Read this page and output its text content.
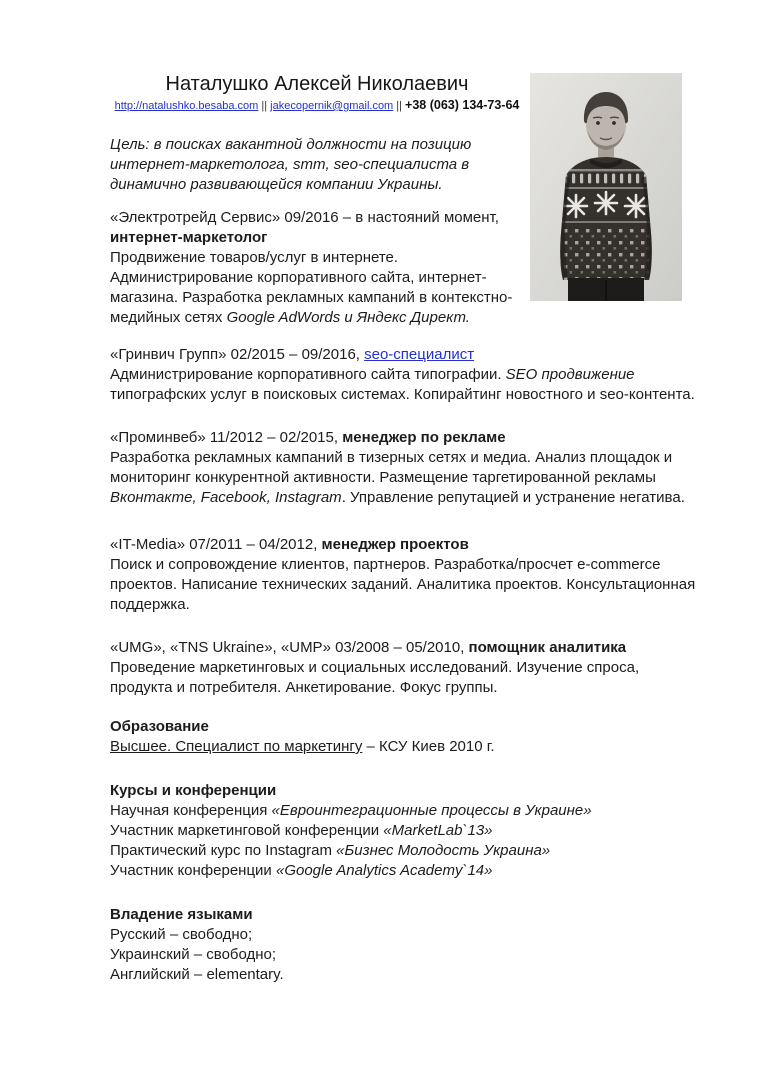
Наталушко Алексей Николаевич

http://natalushko.besaba.com || jakecopernik@gmail.com || +38 (063) 134-73-64

Цель: в поисках вакантной должности на позицию интернет-маркетолога, smm, seo-специалиста в динамично развивающейся компании Украины.

«Электротрейд Сервис» 09/2016 – в настояний момент, интернет-маркетолог

Продвижение товаров/услуг в интернете. Администрирование корпоративного сайта, интернет-магазина. Разработка рекламных кампаний в контекстно-медийных сетях Google AdWords и Яндекс Директ.

«Гринвич Групп» 02/2015 – 09/2016, seo-специалист

Администрирование корпоративного сайта типографии. SEO продвижение типографских услуг в поисковых системах. Копирайтинг новостного и seo-контента.

«Проминвеб» 11/2012 – 02/2015, менеджер по рекламе

Разработка рекламных кампаний в тизерных сетях и медиа. Анализ площадок и мониторинг конкурентной активности. Размещение таргетированной рекламы Вконтакте, Facebook, Instagram. Управление репутацией и устранение негатива.

«IT-Media» 07/2011 – 04/2012, менеджер проектов

Поиск и сопровождение клиентов, партнеров. Разработка/просчет e-commerce проектов. Написание технических заданий. Аналитика проектов. Консультационная поддержка.

«UMG», «TNS Ukraine», «UMP» 03/2008 – 05/2010, помощник аналитика

Проведение маркетинговых и социальных исследований. Изучение спроса, продукта и потребителя. Анкетирование. Фокус группы.

Образование

Высшее. Специалист по маркетингу – КСУ Киев 2010 г.

Курсы и конференции

Научная конференция «Евроинтеграционные процессы в Украине»

Участник маркетинговой конференции «MarketLab`13»

Практический курс по Instagram «Бизнес Молодость Украина»

Участник конференции «Google Analytics Academy`14»

Владение языками

Русский – свободно;

Украинский – свободно;

Английский – elementary.
